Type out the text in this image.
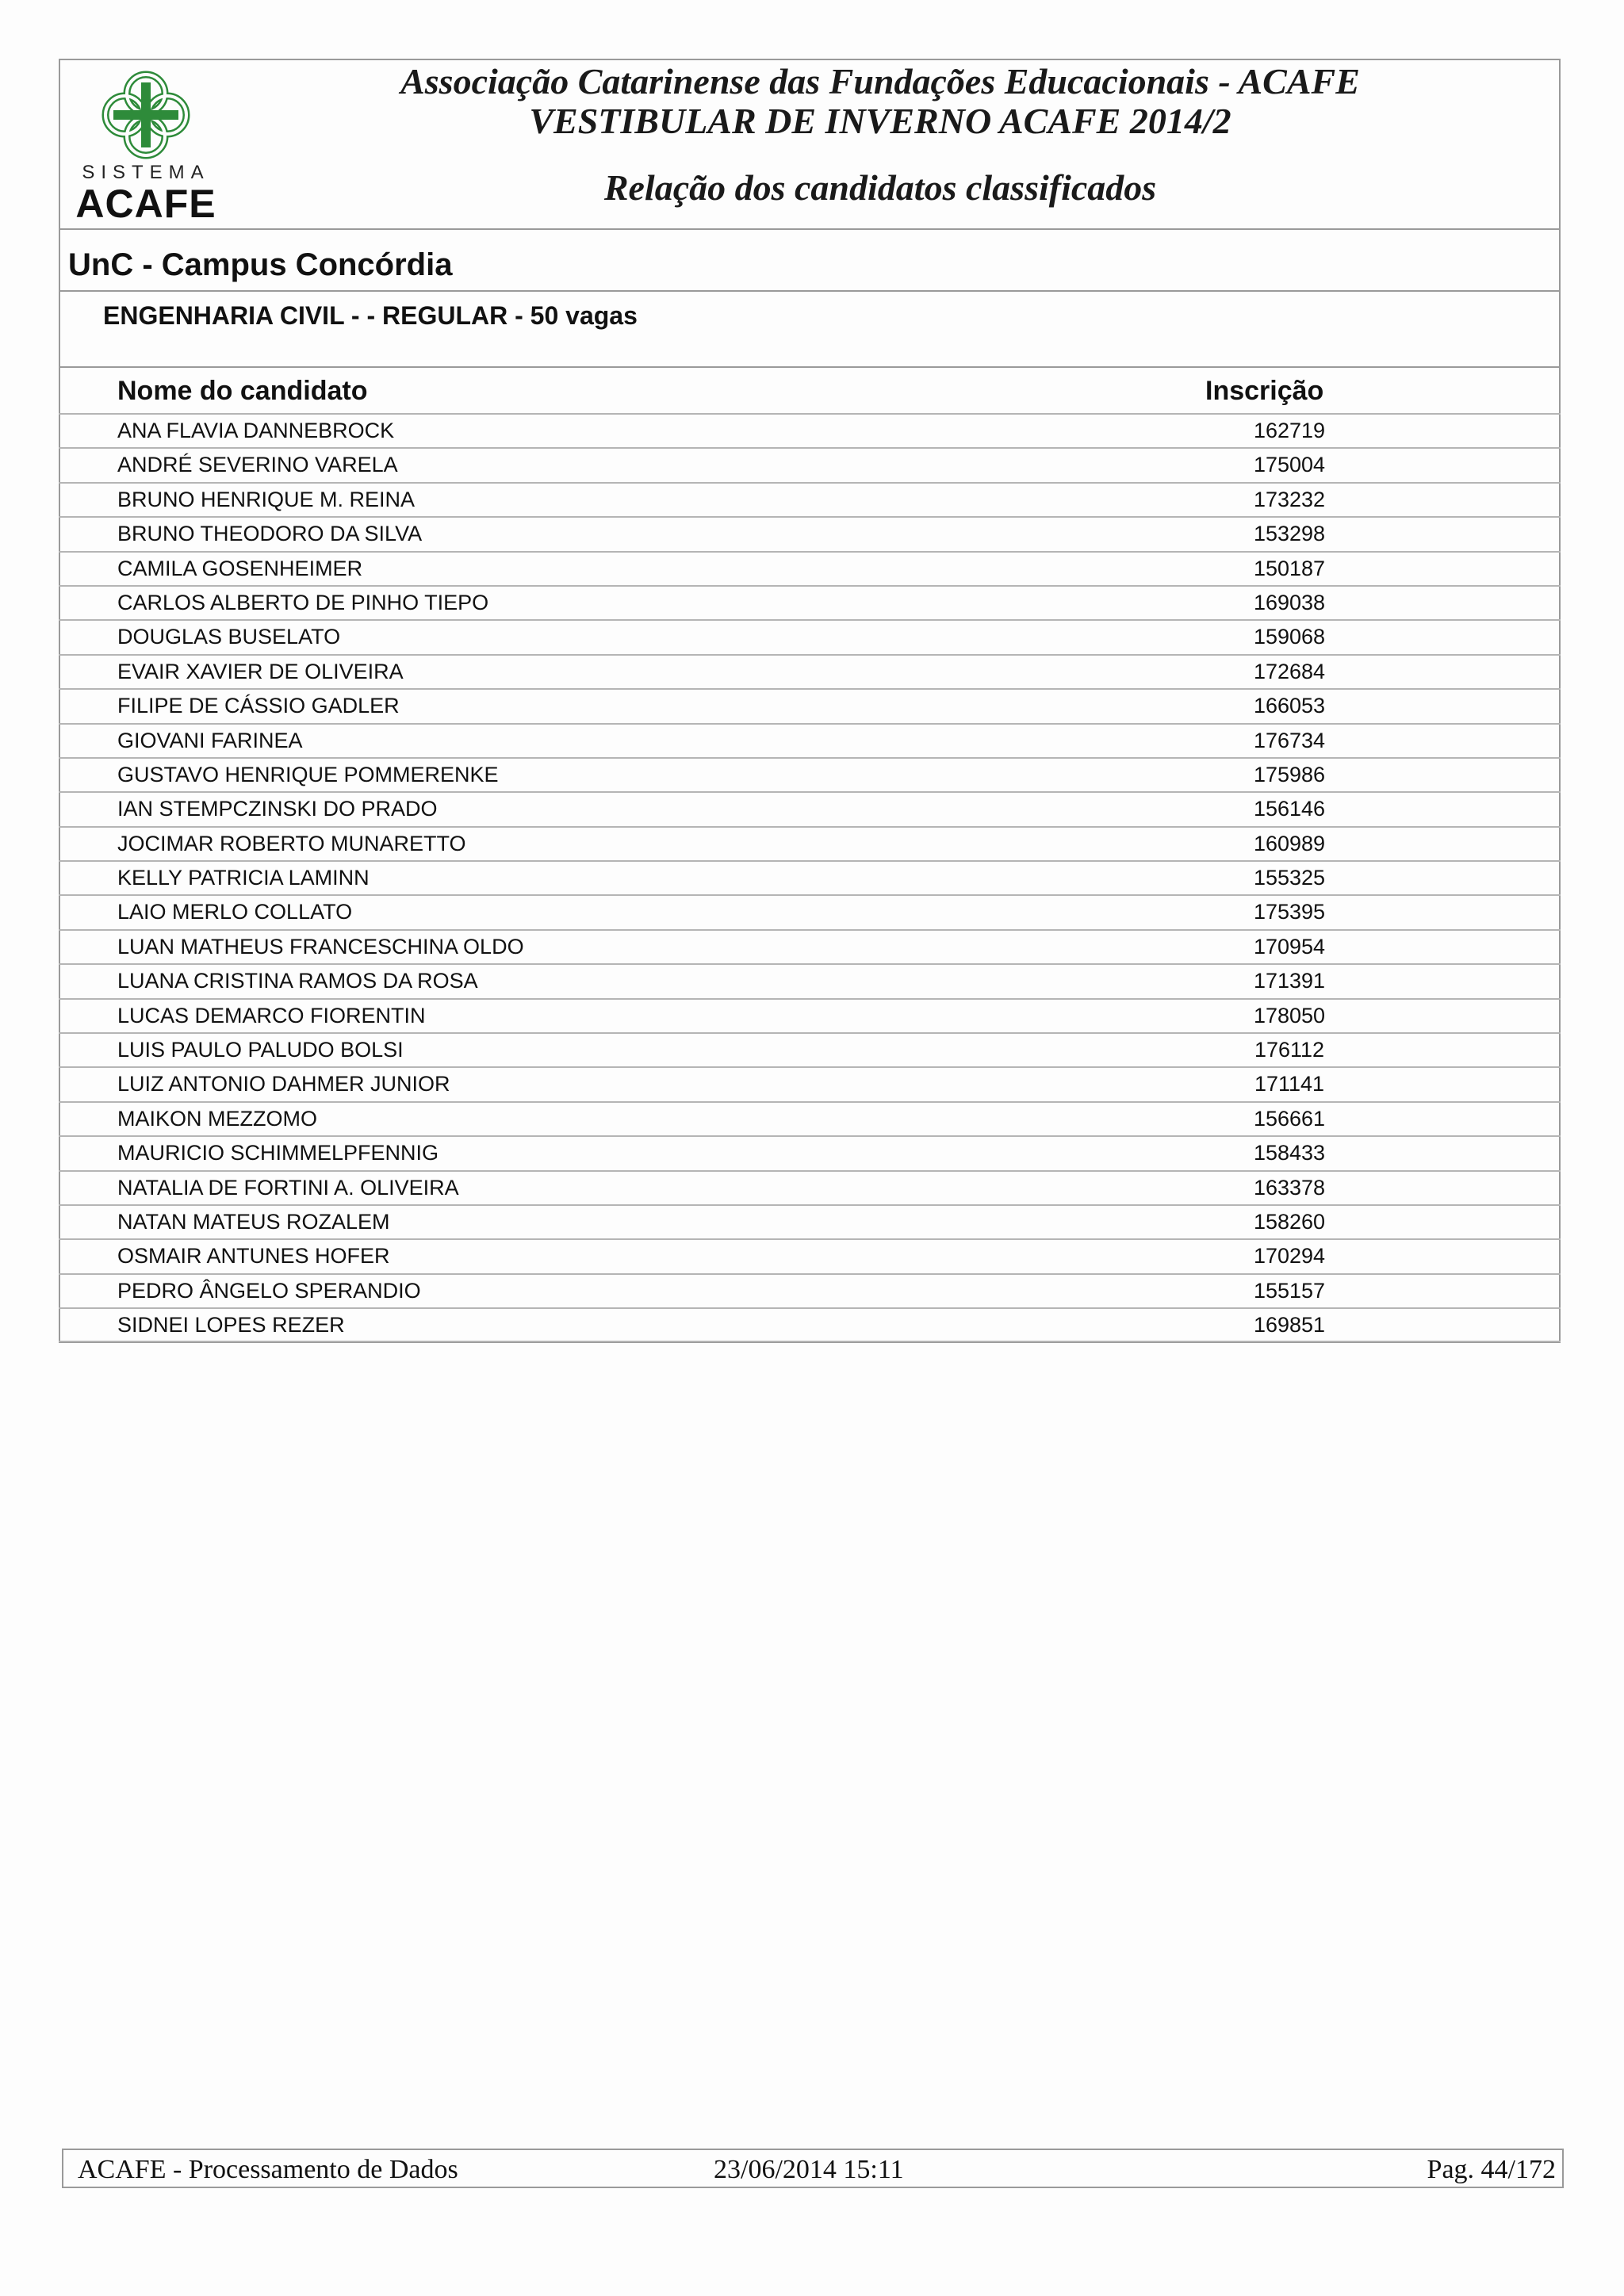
SISTEMA
ACAFE
Associação Catarinense das Fundações Educacionais - ACAFE
VESTIBULAR DE INVERNO ACAFE 2014/2
Relação dos candidatos classificados
UnC - Campus Concórdia
ENGENHARIA CIVIL - - REGULAR - 50 vagas
Nome do candidato	Inscrição
ANA FLAVIA DANNEBROCK	162719
ANDRÉ SEVERINO VARELA	175004
BRUNO HENRIQUE M. REINA	173232
BRUNO THEODORO DA SILVA	153298
CAMILA GOSENHEIMER	150187
CARLOS ALBERTO DE PINHO TIEPO	169038
DOUGLAS BUSELATO	159068
EVAIR XAVIER DE OLIVEIRA	172684
FILIPE DE CÁSSIO GADLER	166053
GIOVANI FARINEA	176734
GUSTAVO HENRIQUE POMMERENKE	175986
IAN STEMPCZINSKI DO PRADO	156146
JOCIMAR ROBERTO MUNARETTO	160989
KELLY PATRICIA LAMINN	155325
LAIO MERLO COLLATO	175395
LUAN MATHEUS FRANCESCHINA OLDO	170954
LUANA CRISTINA RAMOS DA ROSA	171391
LUCAS DEMARCO FIORENTIN	178050
LUIS PAULO PALUDO BOLSI	176112
LUIZ ANTONIO DAHMER JUNIOR	171141
MAIKON MEZZOMO	156661
MAURICIO SCHIMMELPFENNIG	158433
NATALIA DE FORTINI A. OLIVEIRA	163378
NATAN MATEUS ROZALEM	158260
OSMAIR ANTUNES HOFER	170294
PEDRO ÂNGELO SPERANDIO	155157
SIDNEI LOPES REZER	169851
ACAFE - Processamento de Dados	23/06/2014 15:11	Pag. 44/172
